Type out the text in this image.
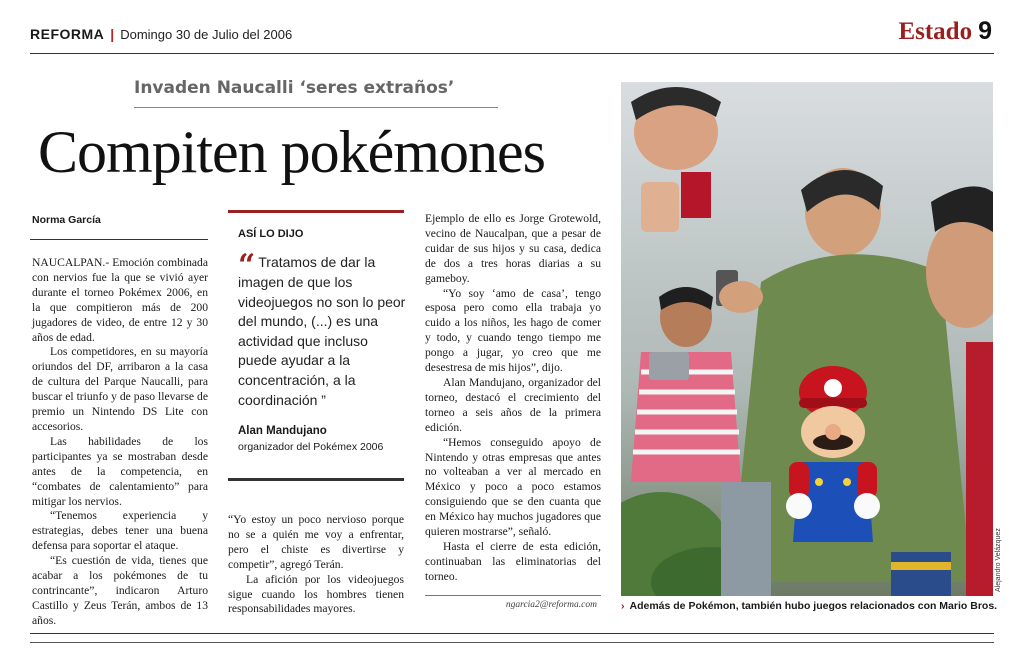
REFORMA | Domingo 30 de Julio del 2006	Estado 9
Invaden Naucalli ‘seres extraños’
Compiten pokémones
Norma García

NAUCALPAN.- Emoción combinada con nervios fue la que se vivió ayer durante el torneo Pokémex 2006, en la que compitieron más de 200 jugadores de video, de entre 12 y 30 años de edad.

Los competidores, en su mayoría oriundos del DF, arribaron a la casa de cultura del Parque Naucalli, para buscar el triunfo y de paso llevarse de premio un Nintendo DS Lite con accesorios.

Las habilidades de los participantes ya se mostraban desde antes de la competencia, en “combates de calentamiento” para mitigar los nervios.

“Tenemos experiencia y estrategias, debes tener una buena defensa para soportar el ataque.

“Es cuestión de vida, tienes que acabar a los pokémones de tu contrincante”, indicaron Arturo Castillo y Zeus Terán, ambos de 13 años.

ASÍ LO DIJO
“ Tratamos de dar la imagen de que los videojuegos no son lo peor del mundo, (...) es una actividad que incluso puede ayudar a la concentración, a la coordinación ”
Alan Mandujano
organizador del Pokémex 2006

“Yo estoy un poco nervioso porque no se a quién me voy a enfrentar, pero el chiste es divertirse y competir”, agregó Terán.

La afición por los videojuegos sigue cuando los hombres tienen responsabilidades mayores.

Ejemplo de ello es Jorge Grotewold, vecino de Naucalpan, que a pesar de cuidar de sus hijos y su casa, dedica de dos a tres horas diarias a su gameboy.

“Yo soy ‘amo de casa’, tengo esposa pero como ella trabaja yo cuido a los niños, les hago de comer y todo, y cuando tengo tiempo me pongo a jugar, yo creo que me desestresa de mis hijos”, dijo.

Alan Mandujano, organizador del torneo, destacó el crecimiento del torneo a seis años de la primera edición.

“Hemos conseguido apoyo de Nintendo y otras empresas que antes no volteaban a ver al mercado en México y poco a poco estamos consiguiendo que se den cuanta que en México hay muchos jugadores que quieren mostrarse”, señaló.

Hasta el cierre de esta edición, continuaban las eliminatorias del torneo.

ngarcia2@reforma.com
Alejandro Velázquez
› Además de Pokémon, también hubo juegos relacionados con Mario Bros.
